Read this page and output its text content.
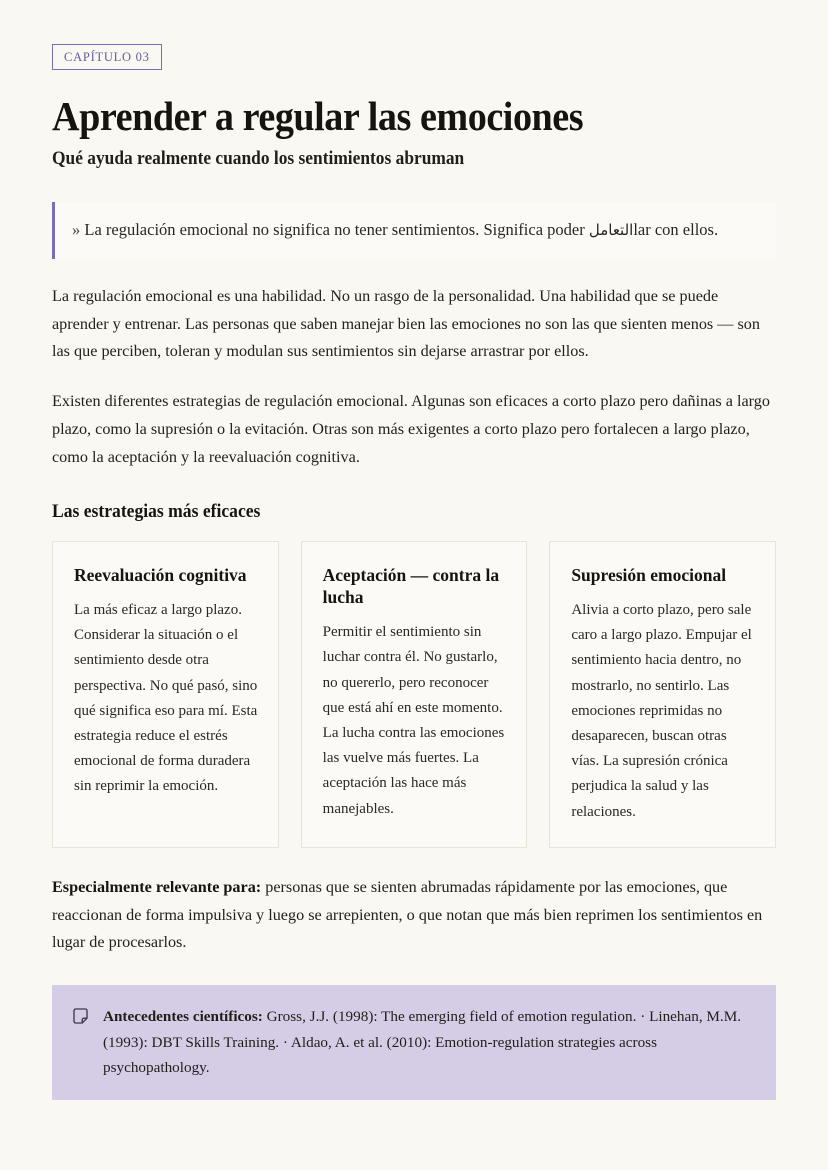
CAPÍTULO 03
Aprender a regular las emociones
Qué ayuda realmente cuando los sentimientos abruman
» La regulación emocional no significa no tener sentimientos. Significa poder التعاملlar con ellos.

La regulación emocional es una habilidad. No un rasgo de la personalidad. Una habilidad que se puede aprender y entrenar. Las personas que saben manejar bien las emociones no son las que sienten menos — son las que perciben, toleran y modulan sus sentimientos sin dejarse arrastrar por ellos.

Existen diferentes estrategias de regulación emocional. Algunas son eficaces a corto plazo pero dañinas a largo plazo, como la supresión o la evitación. Otras son más exigentes a corto plazo pero fortalecen a largo plazo, como la aceptación y la reevaluación cognitiva.

Las estrategias más eficaces
Reevaluación cognitiva

La más eficaz a largo plazo. Considerar la situación o el sentimiento desde otra perspectiva. No qué pasó, sino qué significa eso para mí. Esta estrategia reduce el estrés emocional de forma duradera sin reprimir la emoción.

Aceptación — contra la lucha

Permitir el sentimiento sin luchar contra él. No gustarlo, no quererlo, pero reconocer que está ahí en este momento. La lucha contra las emociones las vuelve más fuertes. La aceptación las hace más manejables.

Supresión emocional

Alivia a corto plazo, pero sale caro a largo plazo. Empujar el sentimiento hacia dentro, no mostrarlo, no sentirlo. Las emociones reprimidas no desaparecen, buscan otras vías. La supresión crónica perjudica la salud y las relaciones.

Especialmente relevante para: personas que se sienten abrumadas rápidamente por las emociones, que reaccionan de forma impulsiva y luego se arrepienten, o que notan que más bien reprimen los sentimientos en lugar de procesarlos.

Antecedentes científicos: Gross, J.J. (1998): The emerging field of emotion regulation. · Linehan, M.M. (1993): DBT Skills Training. · Aldao, A. et al. (2010): Emotion-regulation strategies across psychopathology.
